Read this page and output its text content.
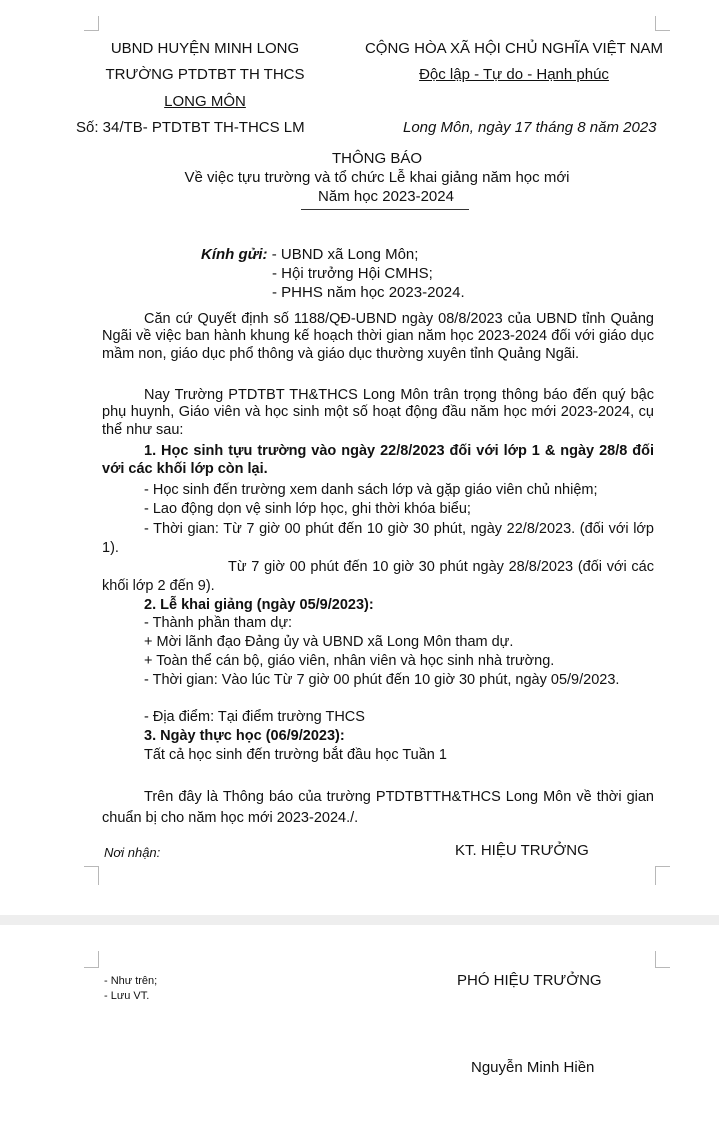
UBND HUYỆN MINH LONG
TRƯỜNG PTDTBT TH THCS
LONG MÔN
CỘNG HÒA XÃ HỘI CHỦ NGHĨA VIỆT NAM
Độc lập - Tự do - Hạnh phúc
Số: 34/TB- PTDTBT TH-THCS LM	Long Môn, ngày 17 tháng 8 năm 2023
THÔNG BÁO
Về việc tựu trường và tổ chức Lễ khai giảng năm học mới
Năm học 2023-2024
Kính gửi: - UBND xã Long Môn;
- Hội trưởng Hội CMHS;
- PHHS năm học 2023-2024.
Căn cứ Quyết định số 1188/QĐ-UBND ngày 08/8/2023 của UBND tỉnh Quảng Ngãi về việc ban hành khung kế hoạch thời gian năm học 2023-2024 đối với giáo dục mầm non, giáo dục phổ thông và giáo dục thường xuyên tỉnh Quảng Ngãi.
Nay Trường PTDTBT TH&THCS Long Môn trân trọng thông báo đến quý bậc phụ huynh, Giáo viên và học sinh một số hoạt động đầu năm học mới 2023-2024, cụ thể như sau:
1. Học sinh tựu trường vào ngày 22/8/2023 đối với lớp 1 & ngày 28/8 đối với các khối lớp còn lại.
- Học sinh đến trường xem danh sách lớp và gặp giáo viên chủ nhiệm;
- Lao động dọn vệ sinh lớp học, ghi thời khóa biểu;
- Thời gian: Từ 7 giờ 00 phút đến 10 giờ 30 phút, ngày 22/8/2023. (đối với lớp 1).
Từ 7 giờ 00 phút đến 10 giờ 30 phút ngày 28/8/2023 (đối với các khối lớp 2 đến 9).
2. Lễ khai giảng (ngày 05/9/2023):
- Thành phần tham dự:
+ Mời lãnh đạo Đảng ủy và UBND xã Long Môn tham dự.
+ Toàn thể cán bộ, giáo viên, nhân viên và học sinh nhà trường.
- Thời gian: Vào lúc Từ 7 giờ 00 phút đến 10 giờ 30 phút, ngày 05/9/2023.
- Địa điểm: Tại điểm trường THCS
3. Ngày thực học (06/9/2023):
Tất cả học sinh đến trường bắt đầu học Tuần 1
Trên đây là Thông báo của trường PTDTBTTH&THCS Long Môn về thời gian chuẩn bị cho năm học mới 2023-2024./.
Nơi nhận:	KT. HIỆU TRƯỞNG
- Như trên;
- Lưu VT.
PHÓ HIỆU TRƯỞNG
Nguyễn Minh Hiền
